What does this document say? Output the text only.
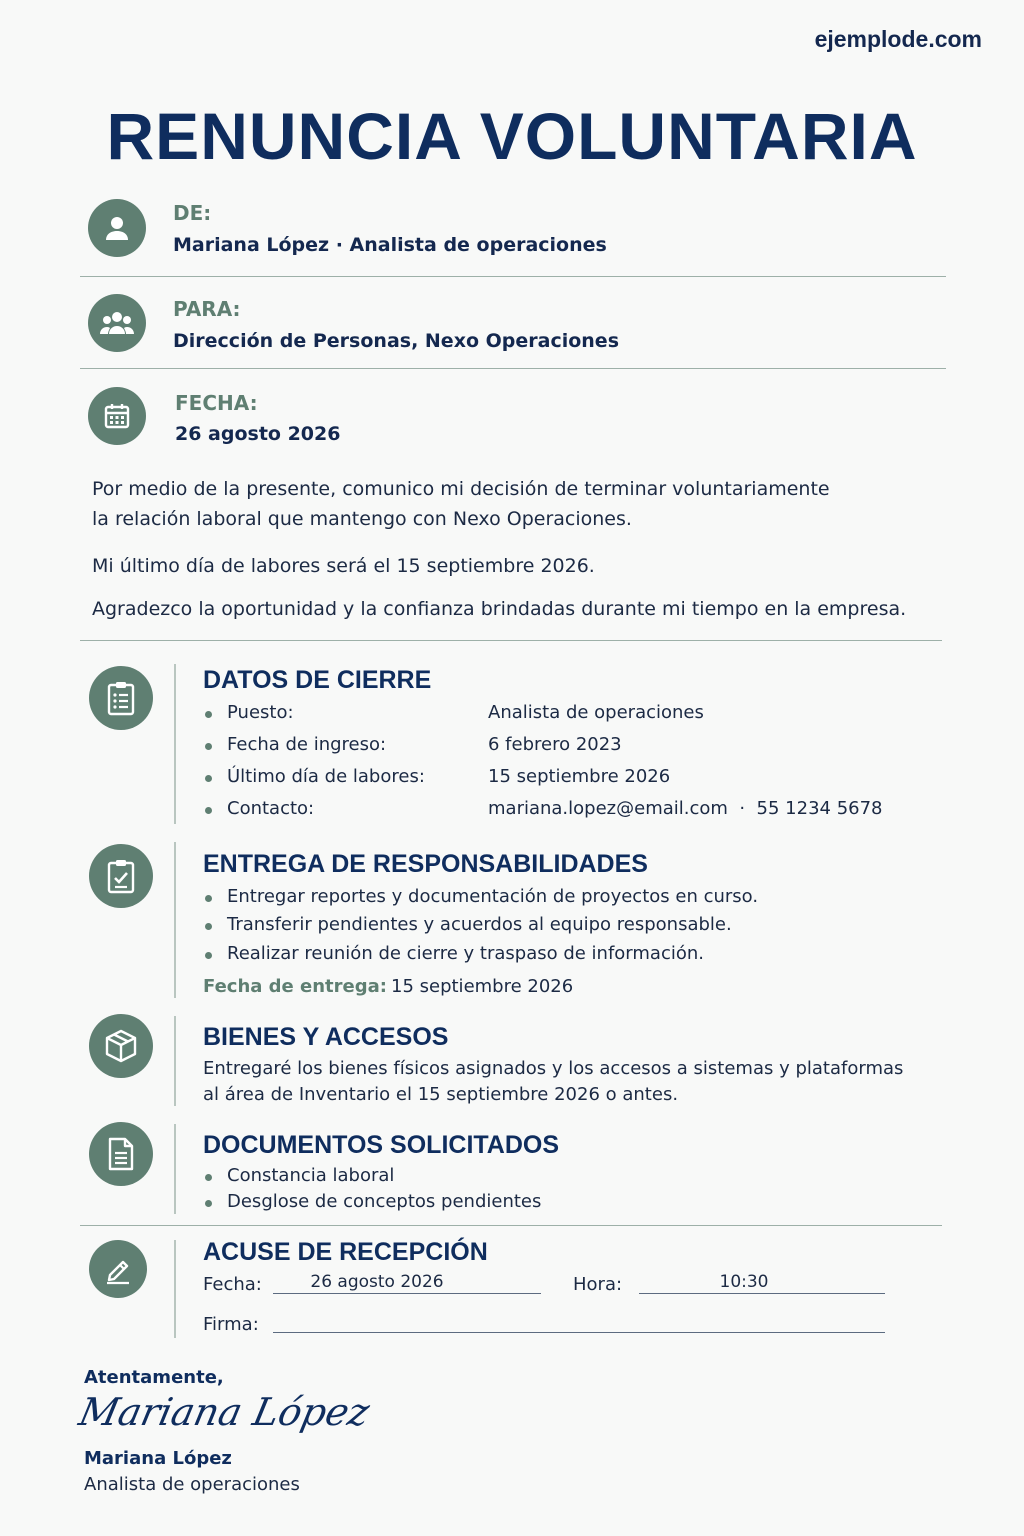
ejemplode.com
RENUNCIA VOLUNTARIA
DE:
Mariana López · Analista de operaciones
PARA:
Dirección de Personas, Nexo Operaciones
FECHA:
26 agosto 2026
Por medio de la presente, comunico mi decisión de terminar voluntariamente
la relación laboral que mantengo con Nexo Operaciones.
Mi último día de labores será el 15 septiembre 2026.
Agradezco la oportunidad y la confianza brindadas durante mi tiempo en la empresa.
DATOS DE CIERRE
Puesto:	Analista de operaciones
Fecha de ingreso:	6 febrero 2023
Último día de labores:	15 septiembre 2026
Contacto:	mariana.lopez@email.com  ·  55 1234 5678
ENTREGA DE RESPONSABILIDADES
Entregar reportes y documentación de proyectos en curso.
Transferir pendientes y acuerdos al equipo responsable.
Realizar reunión de cierre y traspaso de información.
Fecha de entrega: 15 septiembre 2026
BIENES Y ACCESOS
Entregaré los bienes físicos asignados y los accesos a sistemas y plataformas
al área de Inventario el 15 septiembre 2026 o antes.
DOCUMENTOS SOLICITADOS
Constancia laboral
Desglose de conceptos pendientes
ACUSE DE RECEPCIÓN
Fecha:	26 agosto 2026	Hora:	10:30
Firma:
Atentamente,
Mariana López
Mariana López
Analista de operaciones
